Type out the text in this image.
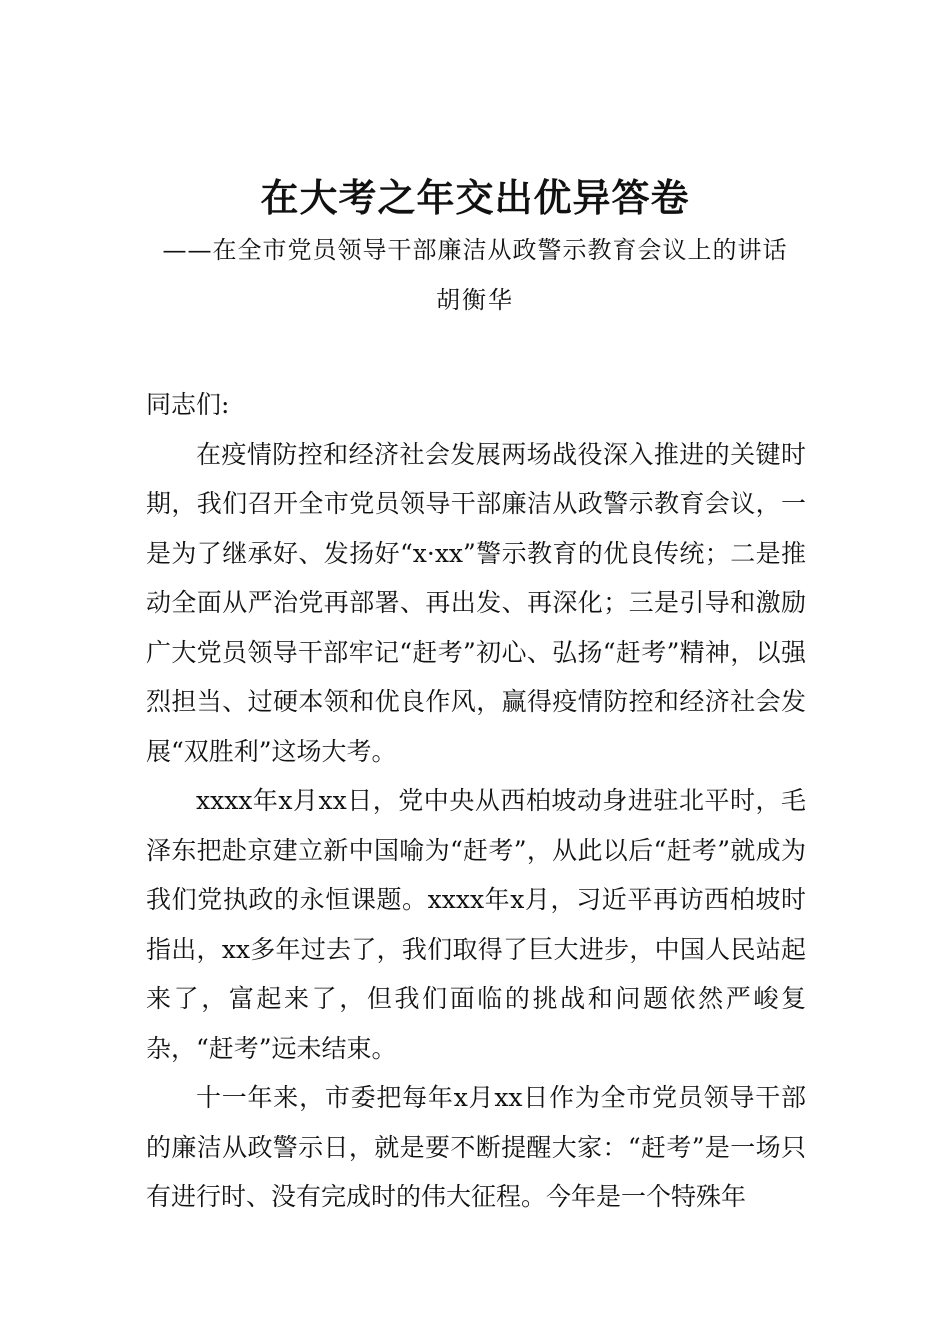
在大考之年交出优异答卷
——在全市党员领导干部廉洁从政警示教育会议上的讲话
胡衡华

同志们:

在疫情防控和经济社会发展两场战役深入推进的关键时期，我们召开全市党员领导干部廉洁从政警示教育会议，一是为了继承好、发扬好“x·xx”警示教育的优良传统；二是推动全面从严治党再部署、再出发、再深化；三是引导和激励广大党员领导干部牢记“赶考”初心、弘扬“赶考”精神，以强烈担当、过硬本领和优良作风，赢得疫情防控和经济社会发展“双胜利”这场大考。

xxxx年x月xx日，党中央从西柏坡动身进驻北平时，毛泽东把赴京建立新中国喻为“赶考”，从此以后“赶考”就成为我们党执政的永恒课题。xxxx年x月，习近平再访西柏坡时指出，xx多年过去了，我们取得了巨大进步，中国人民站起来了，富起来了，但我们面临的挑战和问题依然严峻复杂，“赶考”远未结束。

十一年来，市委把每年x月xx日作为全市党员领导干部的廉洁从政警示日，就是要不断提醒大家：“赶考”是一场只有进行时、没有完成时的伟大征程。今年是一个特殊年
